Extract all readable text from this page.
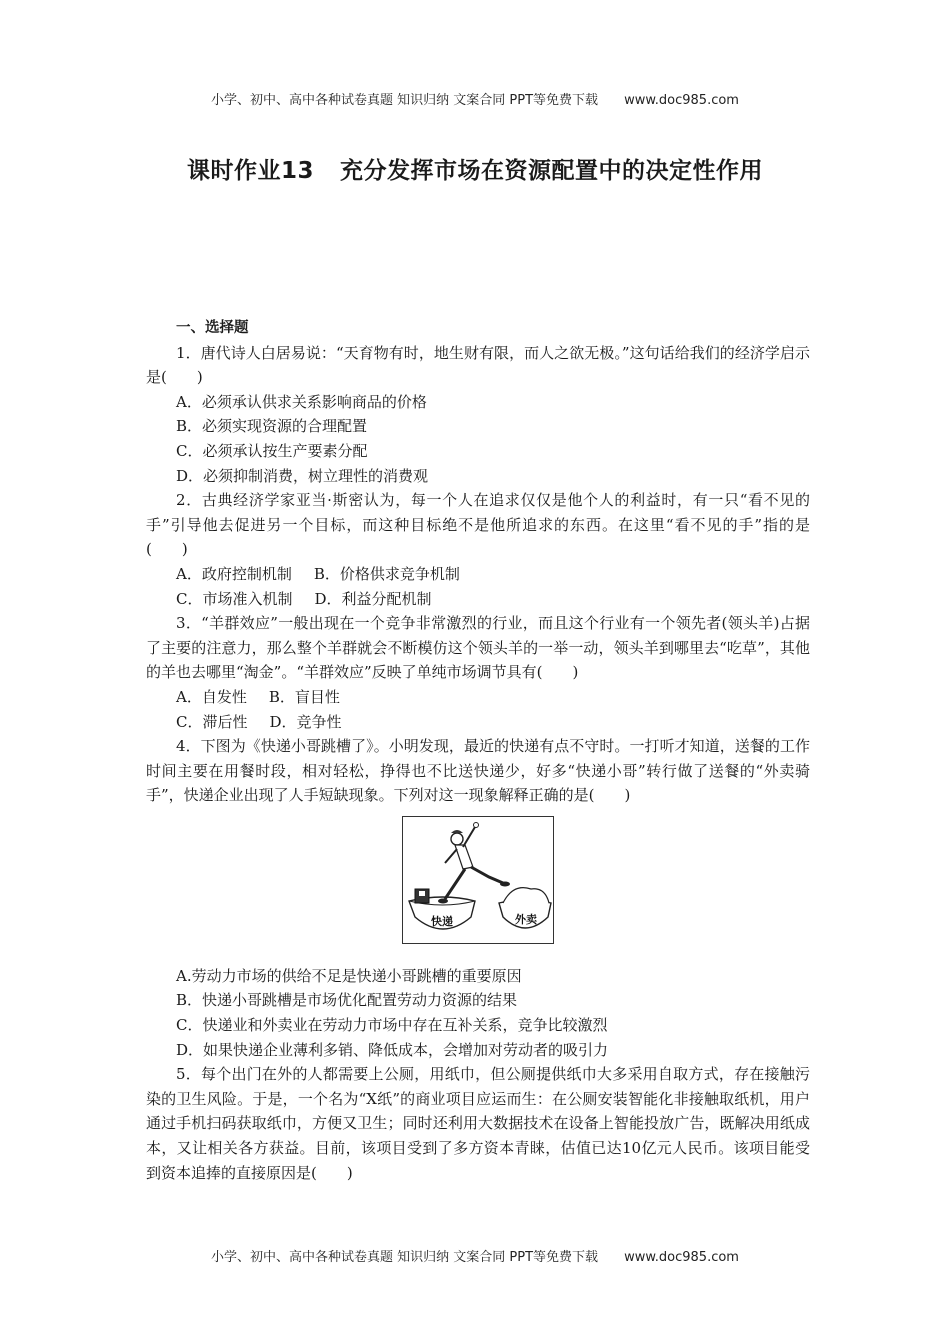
小学、初中、高中各种试卷真题 知识归纳 文案合同 PPT等免费下载 www.doc985.com
课时作业13 充分发挥市场在资源配置中的决定性作用
一、选择题

1．唐代诗人白居易说：“天育物有时，地生财有限，而人之欲无极。”这句话给我们的经济学启示是(　　)

A．必须承认供求关系影响商品的价格

B．必须实现资源的合理配置

C．必须承认按生产要素分配

D．必须抑制消费，树立理性的消费观

2．古典经济学家亚当·斯密认为，每一个人在追求仅仅是他个人的利益时，有一只“看不见的手”引导他去促进另一个目标，而这种目标绝不是他所追求的东西。在这里“看不见的手”指的是(　　)

A．政府控制机制 B．价格供求竞争机制

C．市场准入机制 D．利益分配机制

3．“羊群效应”一般出现在一个竞争非常激烈的行业，而且这个行业有一个领先者(领头羊)占据了主要的注意力，那么整个羊群就会不断模仿这个领头羊的一举一动，领头羊到哪里去“吃草”，其他的羊也去哪里“淘金”。“羊群效应”反映了单纯市场调节具有(　　)

A．自发性 B．盲目性

C．滞后性 D．竞争性

4．下图为《快递小哥跳槽了》。小明发现，最近的快递有点不守时。一打听才知道，送餐的工作时间主要在用餐时段，相对轻松，挣得也不比送快递少，好多“快递小哥”转行做了送餐的“外卖骑手”，快递企业出现了人手短缺现象。下列对这一现象解释正确的是(　　)

快递	外卖

A.劳动力市场的供给不足是快递小哥跳槽的重要原因

B．快递小哥跳槽是市场优化配置劳动力资源的结果

C．快递业和外卖业在劳动力市场中存在互补关系，竞争比较激烈

D．如果快递企业薄利多销、降低成本，会增加对劳动者的吸引力

5．每个出门在外的人都需要上公厕，用纸巾，但公厕提供纸巾大多采用自取方式，存在接触污染的卫生风险。于是，一个名为“X纸”的商业项目应运而生：在公厕安装智能化非接触取纸机，用户通过手机扫码获取纸巾，方便又卫生；同时还利用大数据技术在设备上智能投放广告，既解决用纸成本，又让相关各方获益。目前，该项目受到了多方资本青睐，估值已达10亿元人民币。该项目能受到资本追捧的直接原因是(　　)

小学、初中、高中各种试卷真题 知识归纳 文案合同 PPT等免费下载 www.doc985.com
